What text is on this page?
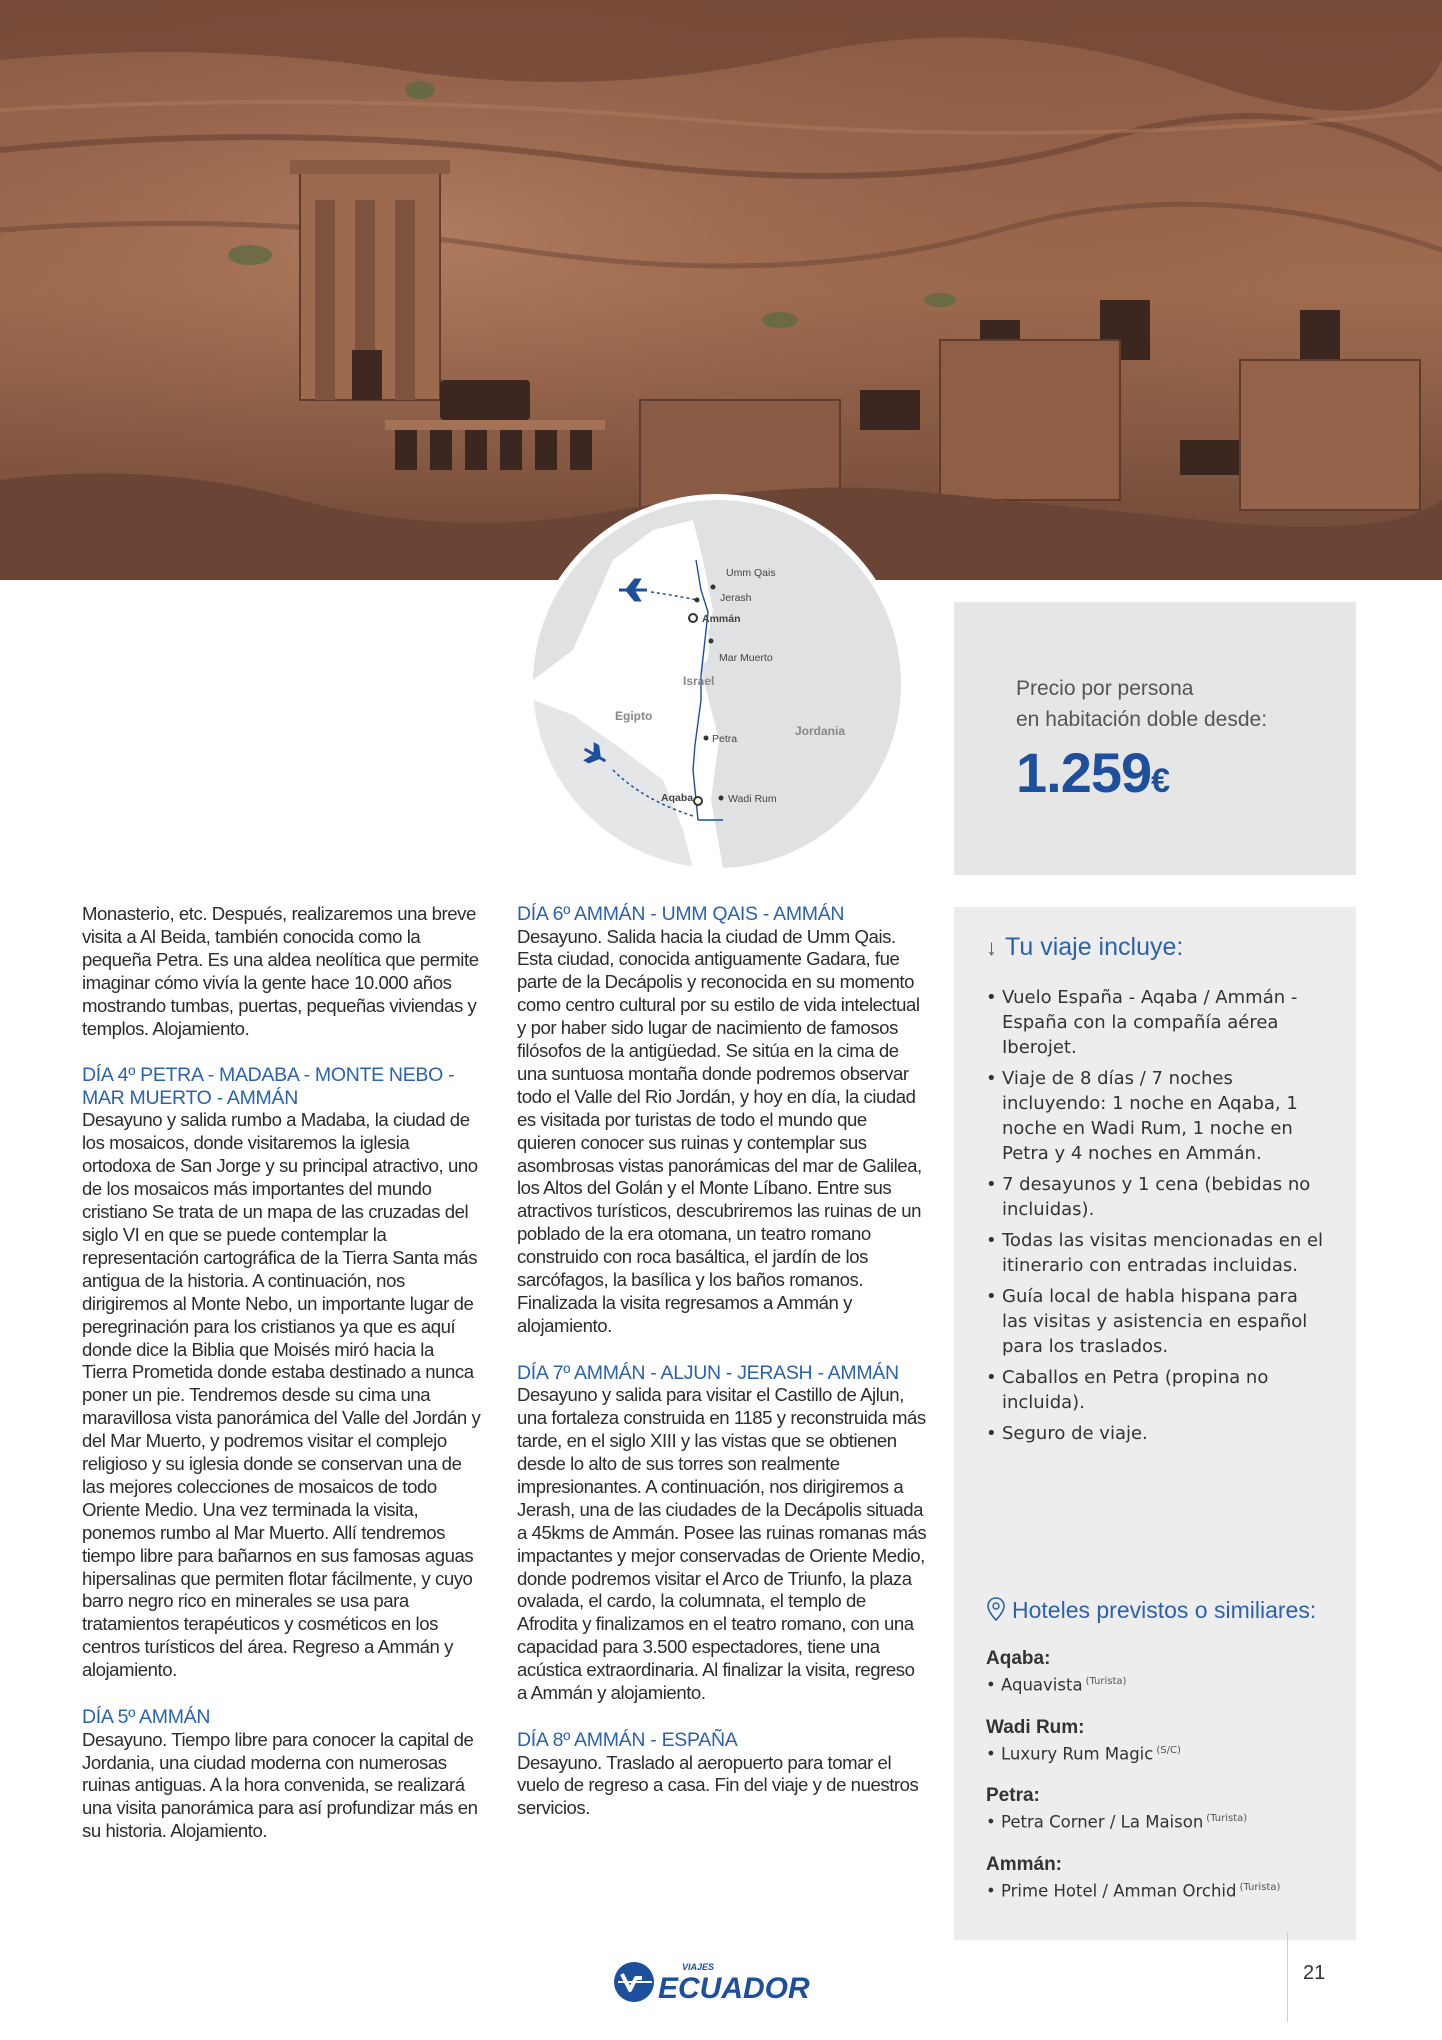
Umm Qais
Jerash
Ammán
Mar Muerto
Petra
Wadi Rum
Aqaba
Israel
Egipto
Jordania
Precio por persona
en habitación doble desde:
1.259€

Monasterio, etc. Después, realizaremos una breve visita a Al Beida, también conocida como la pequeña Petra. Es una aldea neolítica que permite imaginar cómo vivía la gente hace 10.000 años mostrando tumbas, puertas, pequeñas viviendas y templos. Alojamiento.

DÍA 4º PETRA - MADABA - MONTE NEBO - MAR MUERTO - AMMÁN

Desayuno y salida rumbo a Madaba, la ciudad de los mosaicos, donde visitaremos la iglesia ortodoxa de San Jorge y su principal atractivo, uno de los mosaicos más importantes del mundo cristiano Se trata de un mapa de las cruzadas del siglo VI en que se puede contemplar la representación cartográfica de la Tierra Santa más antigua de la historia. A continuación, nos dirigiremos al Monte Nebo, un importante lugar de peregrinación para los cristianos ya que es aquí donde dice la Biblia que Moisés miró hacia la Tierra Prometida donde estaba destinado a nunca poner un pie. Tendremos desde su cima una maravillosa vista panorámica del Valle del Jordán y del Mar Muerto, y podremos visitar el complejo religioso y su iglesia donde se conservan una de las mejores colecciones de mosaicos de todo Oriente Medio. Una vez terminada la visita, ponemos rumbo al Mar Muerto. Allí tendremos tiempo libre para bañarnos en sus famosas aguas hipersalinas que permiten flotar fácilmente, y cuyo barro negro rico en minerales se usa para tratamientos terapéuticos y cosméticos en los centros turísticos del área. Regreso a Ammán y alojamiento.

DÍA 5º AMMÁN

Desayuno. Tiempo libre para conocer la capital de Jordania, una ciudad moderna con numerosas ruinas antiguas. A la hora convenida, se realizará una visita panorámica para así profundizar más en su historia. Alojamiento.

DÍA 6º AMMÁN - UMM QAIS - AMMÁN

Desayuno. Salida hacia la ciudad de Umm Qais. Esta ciudad, conocida antiguamente Gadara, fue parte de la Decápolis y reconocida en su momento como centro cultural por su estilo de vida intelectual y por haber sido lugar de nacimiento de famosos filósofos de la antigüedad. Se sitúa en la cima de una suntuosa montaña donde podremos observar todo el Valle del Rio Jordán, y hoy en día, la ciudad es visitada por turistas de todo el mundo que quieren conocer sus ruinas y contemplar sus asombrosas vistas panorámicas del mar de Galilea, los Altos del Golán y el Monte Líbano. Entre sus atractivos turísticos, descubriremos las ruinas de un poblado de la era otomana, un teatro romano construido con roca basáltica, el jardín de los sarcófagos, la basílica y los baños romanos. Finalizada la visita regresamos a Ammán y alojamiento.

DÍA 7º AMMÁN - ALJUN - JERASH - AMMÁN

Desayuno y salida para visitar el Castillo de Ajlun, una fortaleza construida en 1185 y reconstruida más tarde, en el siglo XIII y las vistas que se obtienen desde lo alto de sus torres son realmente impresionantes. A continuación, nos dirigiremos a Jerash, una de las ciudades de la Decápolis situada a 45kms de Ammán. Posee las ruinas romanas más impactantes y mejor conservadas de Oriente Medio, donde podremos visitar el Arco de Triunfo, la plaza ovalada, el cardo, la columnata, el templo de Afrodita y finalizamos en el teatro romano, con una capacidad para 3.500 espectadores, tiene una acústica extraordinaria. Al finalizar la visita, regreso a Ammán y alojamiento.

DÍA 8º AMMÁN - ESPAÑA

Desayuno. Traslado al aeropuerto para tomar el vuelo de regreso a casa. Fin del viaje y de nuestros servicios.

↓ Tu viaje incluye:
• Vuelo España - Aqaba / Ammán - España con la compañía aérea Iberojet.
• Viaje de 8 días / 7 noches incluyendo: 1 noche en Aqaba, 1 noche en Wadi Rum, 1 noche en Petra y 4 noches en Ammán.
• 7 desayunos y 1 cena (bebidas no incluidas).
• Todas las visitas mencionadas en el itinerario con entradas incluidas.
• Guía local de habla hispana para las visitas y asistencia en español para los traslados.
• Caballos en Petra (propina no incluida).
• Seguro de viaje.
Hoteles previstos o similiares:

Aqaba:

• Aquavista $^{(Turista)}$

Wadi Rum:

• Luxury Rum Magic $^{(S/C)}$

Petra:

• Petra Corner / La Maison $^{(Turista)}$

Ammán:

• Prime Hotel / Amman Orchid $^{(Turista)}$

VIAJES
ECUADOR	21
